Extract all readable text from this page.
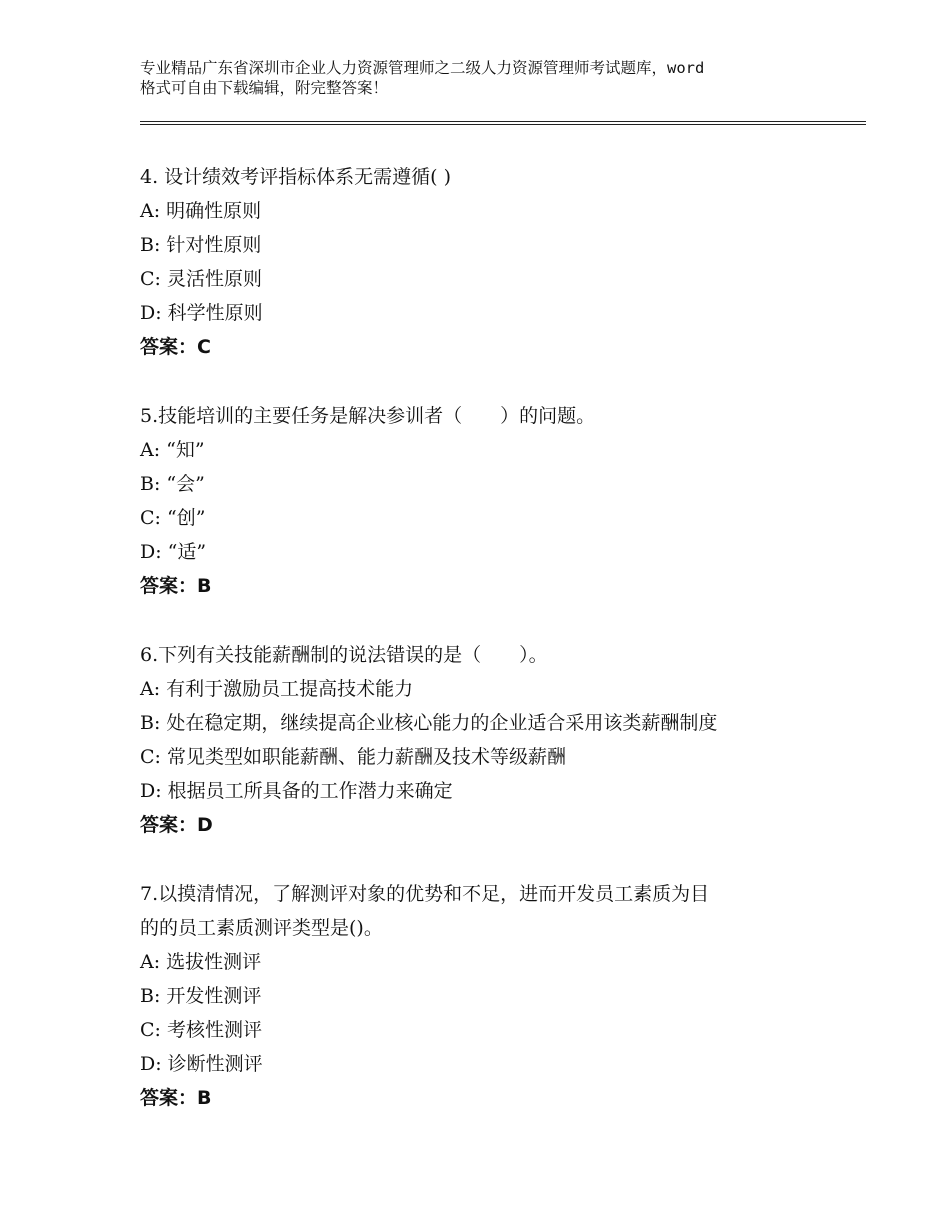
专业精品广东省深圳市企业人力资源管理师之二级人力资源管理师考试题库，word
格式可自由下载编辑，附完整答案！
4. 设计绩效考评指标体系无需遵循( )
A: 明确性原则
B: 针对性原则
C: 灵活性原则
D: 科学性原则
答案：C
5.技能培训的主要任务是解决参训者（　　）的问题。
A: “知”
B: “会”
C: “创”
D: “适”
答案：B
6.下列有关技能薪酬制的说法错误的是（　　）。
A: 有利于激励员工提高技术能力
B: 处在稳定期，继续提高企业核心能力的企业适合采用该类薪酬制度
C: 常见类型如职能薪酬、能力薪酬及技术等级薪酬
D: 根据员工所具备的工作潜力来确定
答案：D
7.以摸清情况，了解测评对象的优势和不足，进而开发员工素质为目
的的员工素质测评类型是()。
A: 选拔性测评
B: 开发性测评
C: 考核性测评
D: 诊断性测评
答案：B
